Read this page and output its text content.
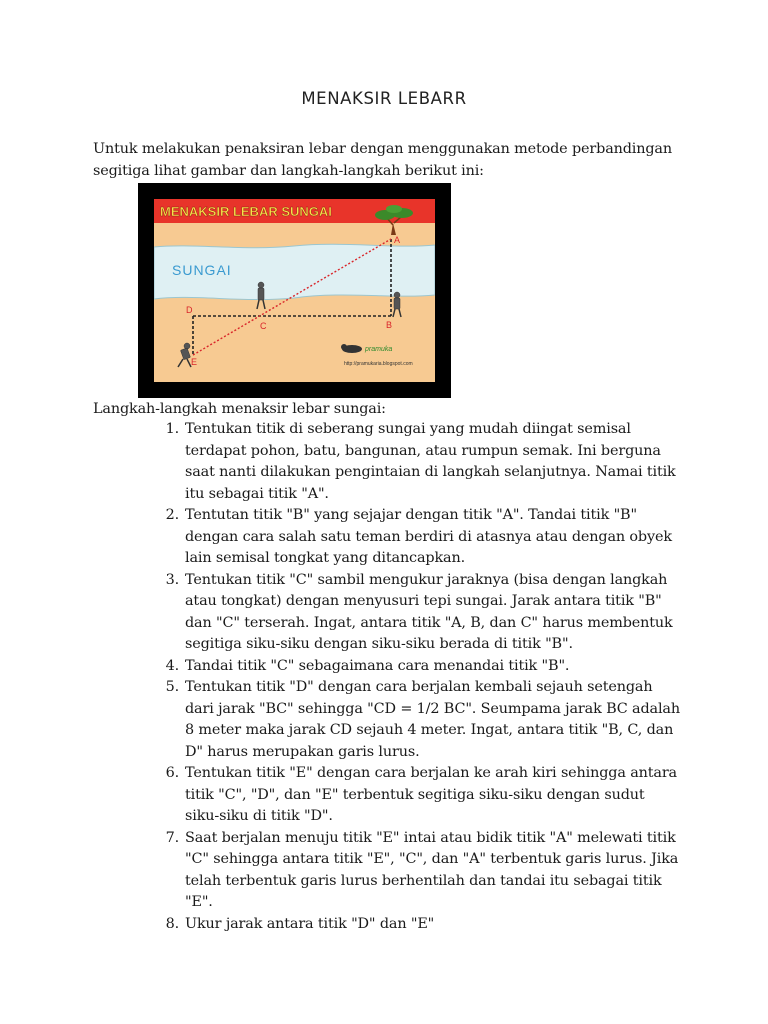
MENAKSIR LEBARR
Untuk melakukan penaksiran lebar dengan menggunakan metode perbandingan segitiga lihat gambar dan langkah-langkah berikut ini:
MENAKSIR LEBAR SUNGAI
SUNGAI
A
B
C
D
E
pramuka
http://pramukaria.blogspot.com
Langkah-langkah menaksir lebar sungai:
1. Tentukan titik di seberang sungai yang mudah diingat semisal terdapat pohon, batu, bangunan, atau rumpun semak. Ini berguna saat nanti dilakukan pengintaian di langkah selanjutnya. Namai titik itu sebagai titik "A".
2. Tentutan titik "B" yang sejajar dengan titik "A". Tandai titik "B" dengan cara salah satu teman berdiri di atasnya atau dengan obyek lain semisal tongkat yang ditancapkan.
3. Tentukan titik "C" sambil mengukur jaraknya (bisa dengan langkah atau tongkat) dengan menyusuri tepi sungai. Jarak antara titik "B" dan "C" terserah. Ingat, antara titik "A, B, dan C" harus membentuk segitiga siku-siku dengan siku-siku berada di titik "B".
4. Tandai titik "C" sebagaimana cara menandai titik "B".
5. Tentukan titik "D" dengan cara berjalan kembali sejauh setengah dari jarak "BC" sehingga "CD = 1/2 BC". Seumpama jarak BC adalah 8 meter maka jarak CD sejauh 4 meter. Ingat, antara titik "B, C, dan D" harus merupakan garis lurus.
6. Tentukan titik "E" dengan cara berjalan ke arah kiri sehingga antara titik "C", "D", dan "E" terbentuk segitiga siku-siku dengan sudut siku-siku di titik "D".
7. Saat berjalan menuju titik "E" intai atau bidik titik "A" melewati titik "C" sehingga antara titik "E", "C", dan "A" terbentuk garis lurus. Jika telah terbentuk garis lurus berhentilah dan tandai itu sebagai titik "E".
8. Ukur jarak antara titik "D" dan "E"
